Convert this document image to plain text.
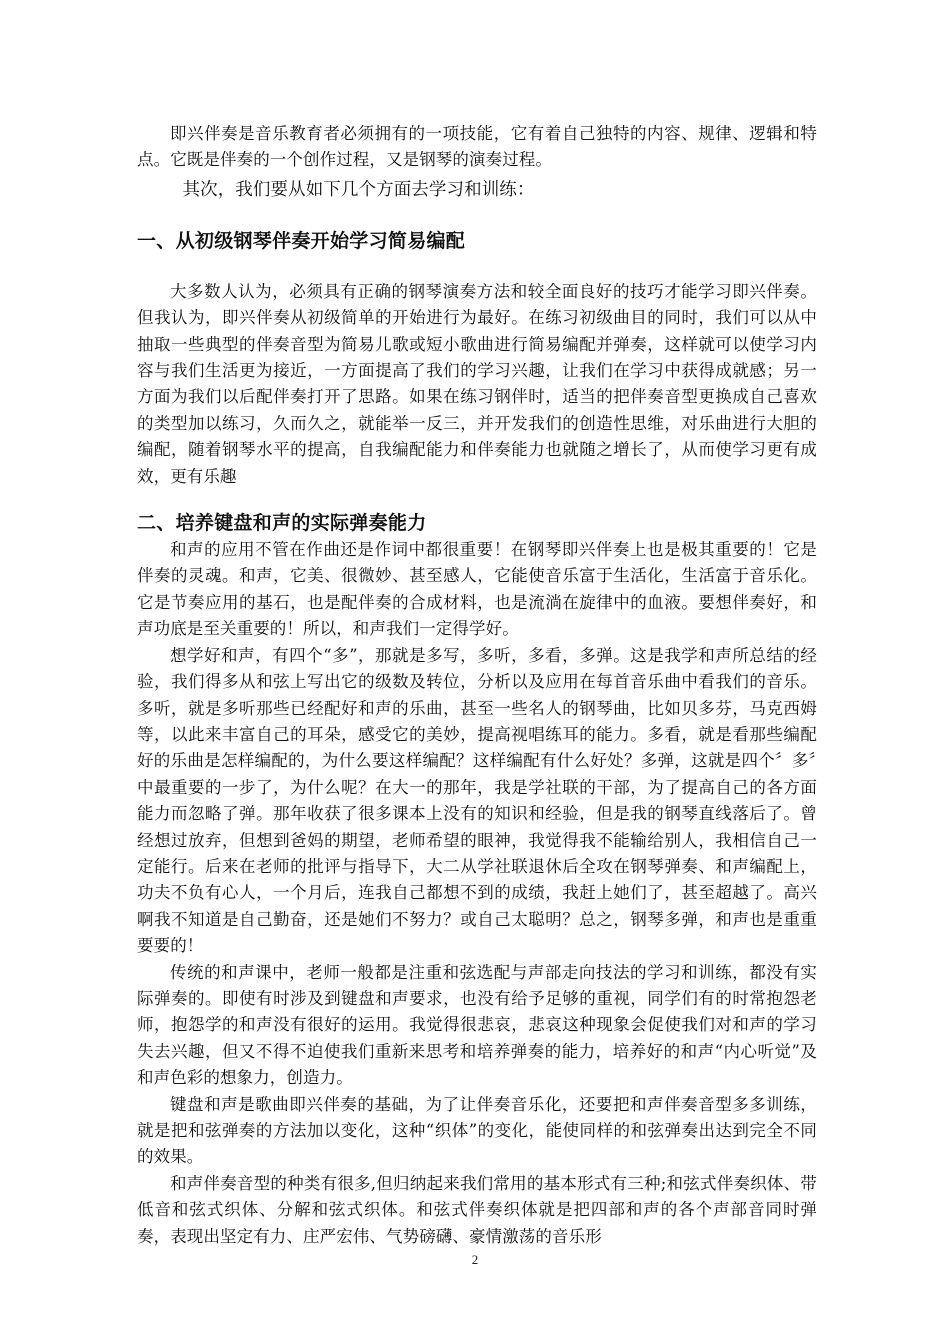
即兴伴奏是音乐教育者必须拥有的一项技能，它有着自己独特的内容、规律、逻辑和特点。它既是伴奏的一个创作过程，又是钢琴的演奏过程。

其次，我们要从如下几个方面去学习和训练：

一、从初级钢琴伴奏开始学习简易编配

大多数人认为，必须具有正确的钢琴演奏方法和较全面良好的技巧才能学习即兴伴奏。但我认为，即兴伴奏从初级简单的开始进行为最好。在练习初级曲目的同时，我们可以从中抽取一些典型的伴奏音型为简易儿歌或短小歌曲进行简易编配并弹奏，这样就可以使学习内容与我们生活更为接近，一方面提高了我们的学习兴趣，让我们在学习中获得成就感；另一方面为我们以后配伴奏打开了思路。如果在练习钢伴时，适当的把伴奏音型更换成自己喜欢的类型加以练习，久而久之，就能举一反三，并开发我们的创造性思维，对乐曲进行大胆的编配，随着钢琴水平的提高，自我编配能力和伴奏能力也就随之增长了，从而使学习更有成效，更有乐趣

二、培养键盘和声的实际弹奏能力

和声的应用不管在作曲还是作词中都很重要！在钢琴即兴伴奏上也是极其重要的！它是伴奏的灵魂。和声，它美、很微妙、甚至感人，它能使音乐富于生活化，生活富于音乐化。它是节奏应用的基石，也是配伴奏的合成材料，也是流淌在旋律中的血液。要想伴奏好，和声功底是至关重要的！所以，和声我们一定得学好。

想学好和声，有四个“多”，那就是多写，多听，多看，多弹。这是我学和声所总结的经验，我们得多从和弦上写出它的级数及转位，分析以及应用在每首音乐曲中看我们的音乐。多听，就是多听那些已经配好和声的乐曲，甚至一些名人的钢琴曲，比如贝多芬，马克西姆等，以此来丰富自己的耳朵，感受它的美妙，提高视唱练耳的能力。多看，就是看那些编配好的乐曲是怎样编配的，为什么要这样编配？这样编配有什么好处？多弹，这就是四个〞多〞中最重要的一步了，为什么呢？在大一的那年，我是学社联的干部，为了提高自己的各方面能力而忽略了弹。那年收获了很多课本上没有的知识和经验，但是我的钢琴直线落后了。曾经想过放弃，但想到爸妈的期望，老师希望的眼神，我觉得我不能输给别人，我相信自己一定能行。后来在老师的批评与指导下，大二从学社联退休后全攻在钢琴弹奏、和声编配上，功夫不负有心人，一个月后，连我自己都想不到的成绩，我赶上她们了，甚至超越了。高兴啊我不知道是自己勤奋，还是她们不努力？或自己太聪明？总之，钢琴多弹，和声也是重重要要的！

传统的和声课中，老师一般都是注重和弦选配与声部走向技法的学习和训练，都没有实际弹奏的。即使有时涉及到键盘和声要求，也没有给予足够的重视，同学们有的时常抱怨老师，抱怨学的和声没有很好的运用。我觉得很悲哀，悲哀这种现象会促使我们对和声的学习失去兴趣，但又不得不迫使我们重新来思考和培养弹奏的能力，培养好的和声“内心听觉”及和声色彩的想象力，创造力。

键盘和声是歌曲即兴伴奏的基础，为了让伴奏音乐化，还要把和声伴奏音型多多训练，就是把和弦弹奏的方法加以变化，这种“织体”的变化，能使同样的和弦弹奏出达到完全不同的效果。

和声伴奏音型的种类有很多,但归纳起来我们常用的基本形式有三种;和弦式伴奏织体、带低音和弦式织体、分解和弦式织体。和弦式伴奏织体就是把四部和声的各个声部音同时弹奏，表现出坚定有力、庄严宏伟、气势磅礴、豪情激荡的音乐形

2
